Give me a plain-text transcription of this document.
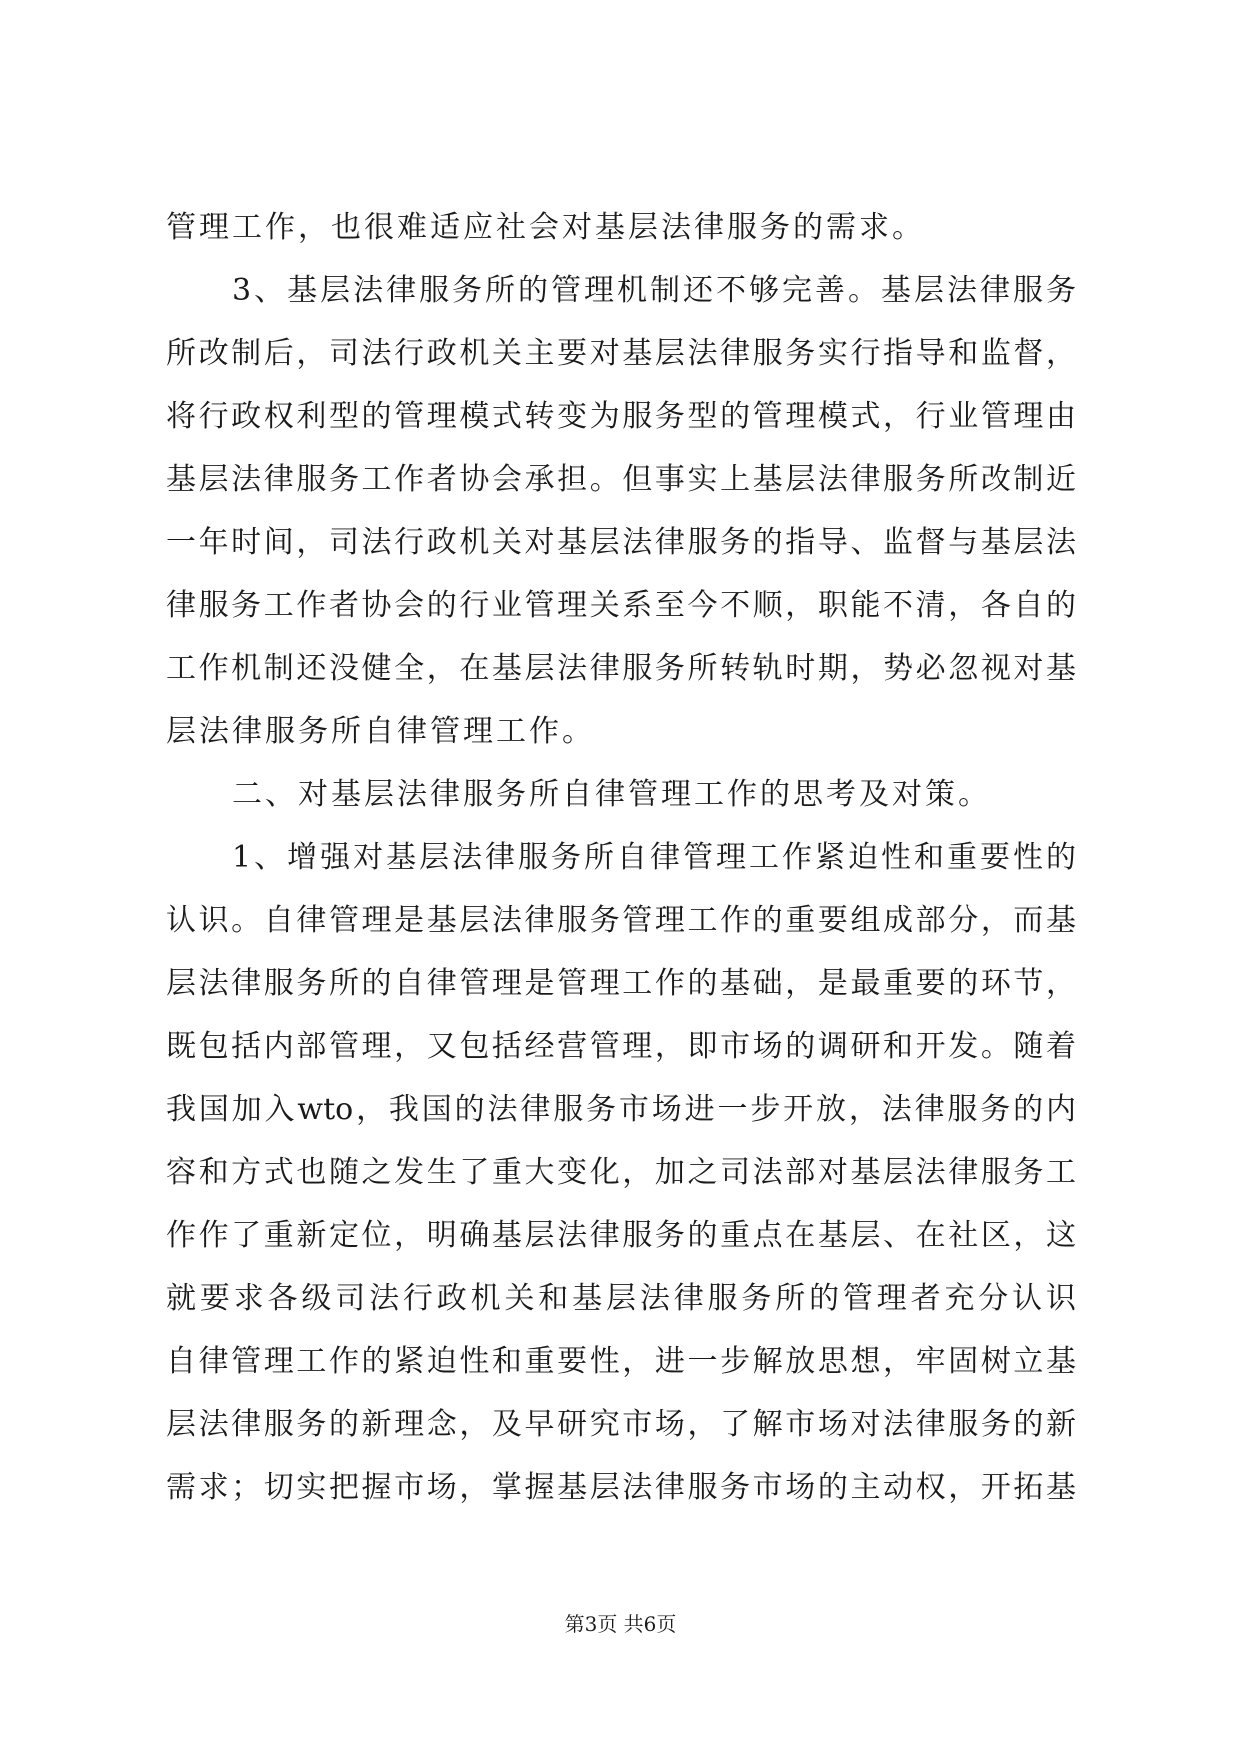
管理工作，也很难适应社会对基层法律服务的需求。
3、基层法律服务所的管理机制还不够完善。基层法律服务
所改制后，司法行政机关主要对基层法律服务实行指导和监督，
将行政权利型的管理模式转变为服务型的管理模式，行业管理由
基层法律服务工作者协会承担。但事实上基层法律服务所改制近
一年时间，司法行政机关对基层法律服务的指导、监督与基层法
律服务工作者协会的行业管理关系至今不顺，职能不清，各自的
工作机制还没健全，在基层法律服务所转轨时期，势必忽视对基
层法律服务所自律管理工作。
二、对基层法律服务所自律管理工作的思考及对策。
1、增强对基层法律服务所自律管理工作紧迫性和重要性的
认识。自律管理是基层法律服务管理工作的重要组成部分，而基
层法律服务所的自律管理是管理工作的基础，是最重要的环节，
既包括内部管理，又包括经营管理，即市场的调研和开发。随着
我国加入wto，我国的法律服务市场进一步开放，法律服务的内
容和方式也随之发生了重大变化，加之司法部对基层法律服务工
作作了重新定位，明确基层法律服务的重点在基层、在社区，这
就要求各级司法行政机关和基层法律服务所的管理者充分认识
自律管理工作的紧迫性和重要性，进一步解放思想，牢固树立基
层法律服务的新理念，及早研究市场，了解市场对法律服务的新
需求；切实把握市场，掌握基层法律服务市场的主动权，开拓基
第3页 共6页
